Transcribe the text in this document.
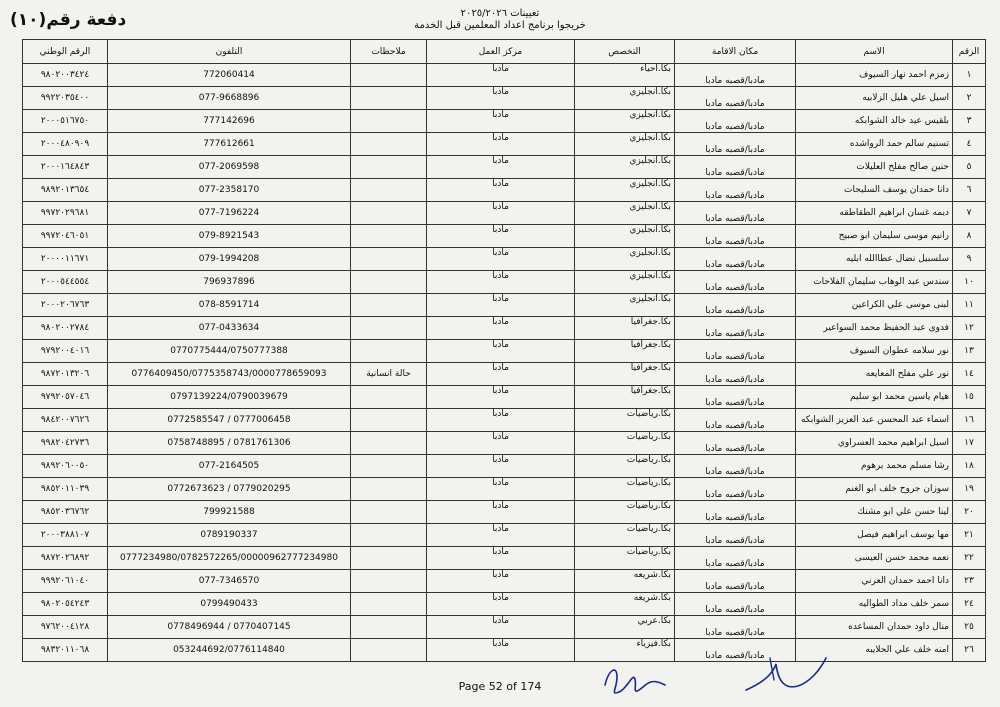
دفعة رقم(١٠)	تعيينات ٢٠٢٥/٢٠٢٦
خريجوا برنامج اعداد المعلمين قبل الخدمة
الرقم	الاسم	مكان الاقامة	التخصص	مركز العمل	ملاحظات	التلفون	الرقم الوطني
١	زمزم احمد نهار السيوف	مادبا/قصبه مادبا	بكا.احياء	مادبا		772060414	٩٨٠٢٠٠٣٤٢٤
٢	اسيل علي هليل الزلابيه	مادبا/قصبه مادبا	بكا.انجليزي	مادبا		077-9668896	٩٩٢٢٠٣٥٤٠٠
٣	بلقيس عيد خالد الشوابكه	مادبا/قصبه مادبا	بكا.انجليزي	مادبا		777142696	٢٠٠٠٥١٦٧٥٠
٤	تسنيم سالم حمد الرواشده	مادبا/قصبه مادبا	بكا.انجليزي	مادبا		777612661	٢٠٠٠٤٨٠٩٠٩
٥	حنين صالح مفلح العليلات	مادبا/قصبه مادبا	بكا.انجليزي	مادبا		077-2069598	٢٠٠٠١٦٤٨٤٣
٦	دانا حمدان يوسف السليحات	مادبا/قصبه مادبا	بكا.انجليزي	مادبا		077-2358170	٩٨٩٢٠١٣٦٥٤
٧	ديمه غسان ابراهيم الطقاطقه	مادبا/قصبه مادبا	بكا.انجليزي	مادبا		077-7196224	٩٩٧٢٠٢٩٦٨١
٨	رانيم موسى سليمان ابو صبيح	مادبا/قصبه مادبا	بكا.انجليزي	مادبا		079-8921543	٩٩٧٢٠٤٦٠٥١
٩	سلسبيل نضال عطاالله ابليه	مادبا/قصبه مادبا	بكا.انجليزي	مادبا		079-1994208	٢٠٠٠٠١١٦٧١
١٠	سندس عبد الوهاب سليمان الفلاحات	مادبا/قصبه مادبا	بكا.انجليزي	مادبا		796937896	٢٠٠٠٥٤٤٥٥٤
١١	لبنى موسى علي الكراعين	مادبا/قصبه مادبا	بكا.انجليزي	مادبا		078-8591714	٢٠٠٠٢٠٦٧٦٣
١٢	فدوى عبد الحفيظ محمد السواعير	مادبا/قصبه مادبا	بكا.جغرافيا	مادبا		077-0433634	٩٨٠٢٠٠٢٧٨٤
١٣	نور سلامه عطوان السيوف	مادبا/قصبه مادبا	بكا.جغرافيا	مادبا		0770775444/0750777388	٩٧٩٢٠٠٤٠١٦
١٤	نور علي مفلح المعايعه	مادبا/قصبه مادبا	بكا.جغرافيا	مادبا	حالة انسانية	0776409450/0775358743/0000778659093	٩٨٧٢٠١٣٢٠٦
١٥	هيام ياسين محمد ابو سليم	مادبا/قصبه مادبا	بكا.جغرافيا	مادبا		0797139224/0790039679	٩٧٩٢٠٥٧٠٤٦
١٦	اسماء عبد المحسن عبد العزيز الشوابكه	مادبا/قصبه مادبا	بكا.رياضيات	مادبا		0772585547 / 0777006458	٩٨٤٢٠٠٧٦٢٦
١٧	اسيل ابراهيم محمد العسراوي	مادبا/قصبه مادبا	بكا.رياضيات	مادبا		0758748895 / 0781761306	٩٩٨٢٠٤٢٧٣٦
١٨	رشا مسلم محمد برهوم	مادبا/قصبه مادبا	بكا.رياضيات	مادبا		077-2164505	٩٨٩٢٠٦٠٠٥٠
١٩	سوزان جروح خلف ابو الغنم	مادبا/قصبه مادبا	بكا.رياضيات	مادبا		0772673623 / 0779020295	٩٨٥٢٠١١٠٣٩
٢٠	لينا حسن علي ابو مشنك	مادبا/قصبه مادبا	بكا.رياضيات	مادبا		799921588	٩٨٥٢٠٣٦٧٦٢
٢١	مها يوسف ابراهيم فيصل	مادبا/قصبه مادبا	بكا.رياضيات	مادبا		0789190337	٢٠٠٠٣٨٨١٠٧
٢٢	نعمه محمد حسن العيسى	مادبا/قصبه مادبا	بكا.رياضيات	مادبا		0777234980/0782572265/00000962777234980	٩٨٧٢٠٢٦٨٩٢
٢٣	دانا احمد حمدان العرني	مادبا/قصبه مادبا	بكا.شريعه	مادبا		077-7346570	٩٩٩٢٠٦١٠٤٠
٢٤	سمر خلف مداد الطواليه	مادبا/قصبه مادبا	بكا.شريعه	مادبا		0799490433	٩٨٠٢٠٥٤٢٤٣
٢٥	منال داود حمدان المساعده	مادبا/قصبه مادبا	بكا.عربي	مادبا		0778496944 / 0770407145	٩٧٦٢٠٠٤١٢٨
٢٦	امنه خلف علي الحلايبه	مادبا/قصبه مادبا	بكا.فيزياء	مادبا		053244692/0776114840	٩٨٣٢٠١١٠٦٨
Page 52 of 174
